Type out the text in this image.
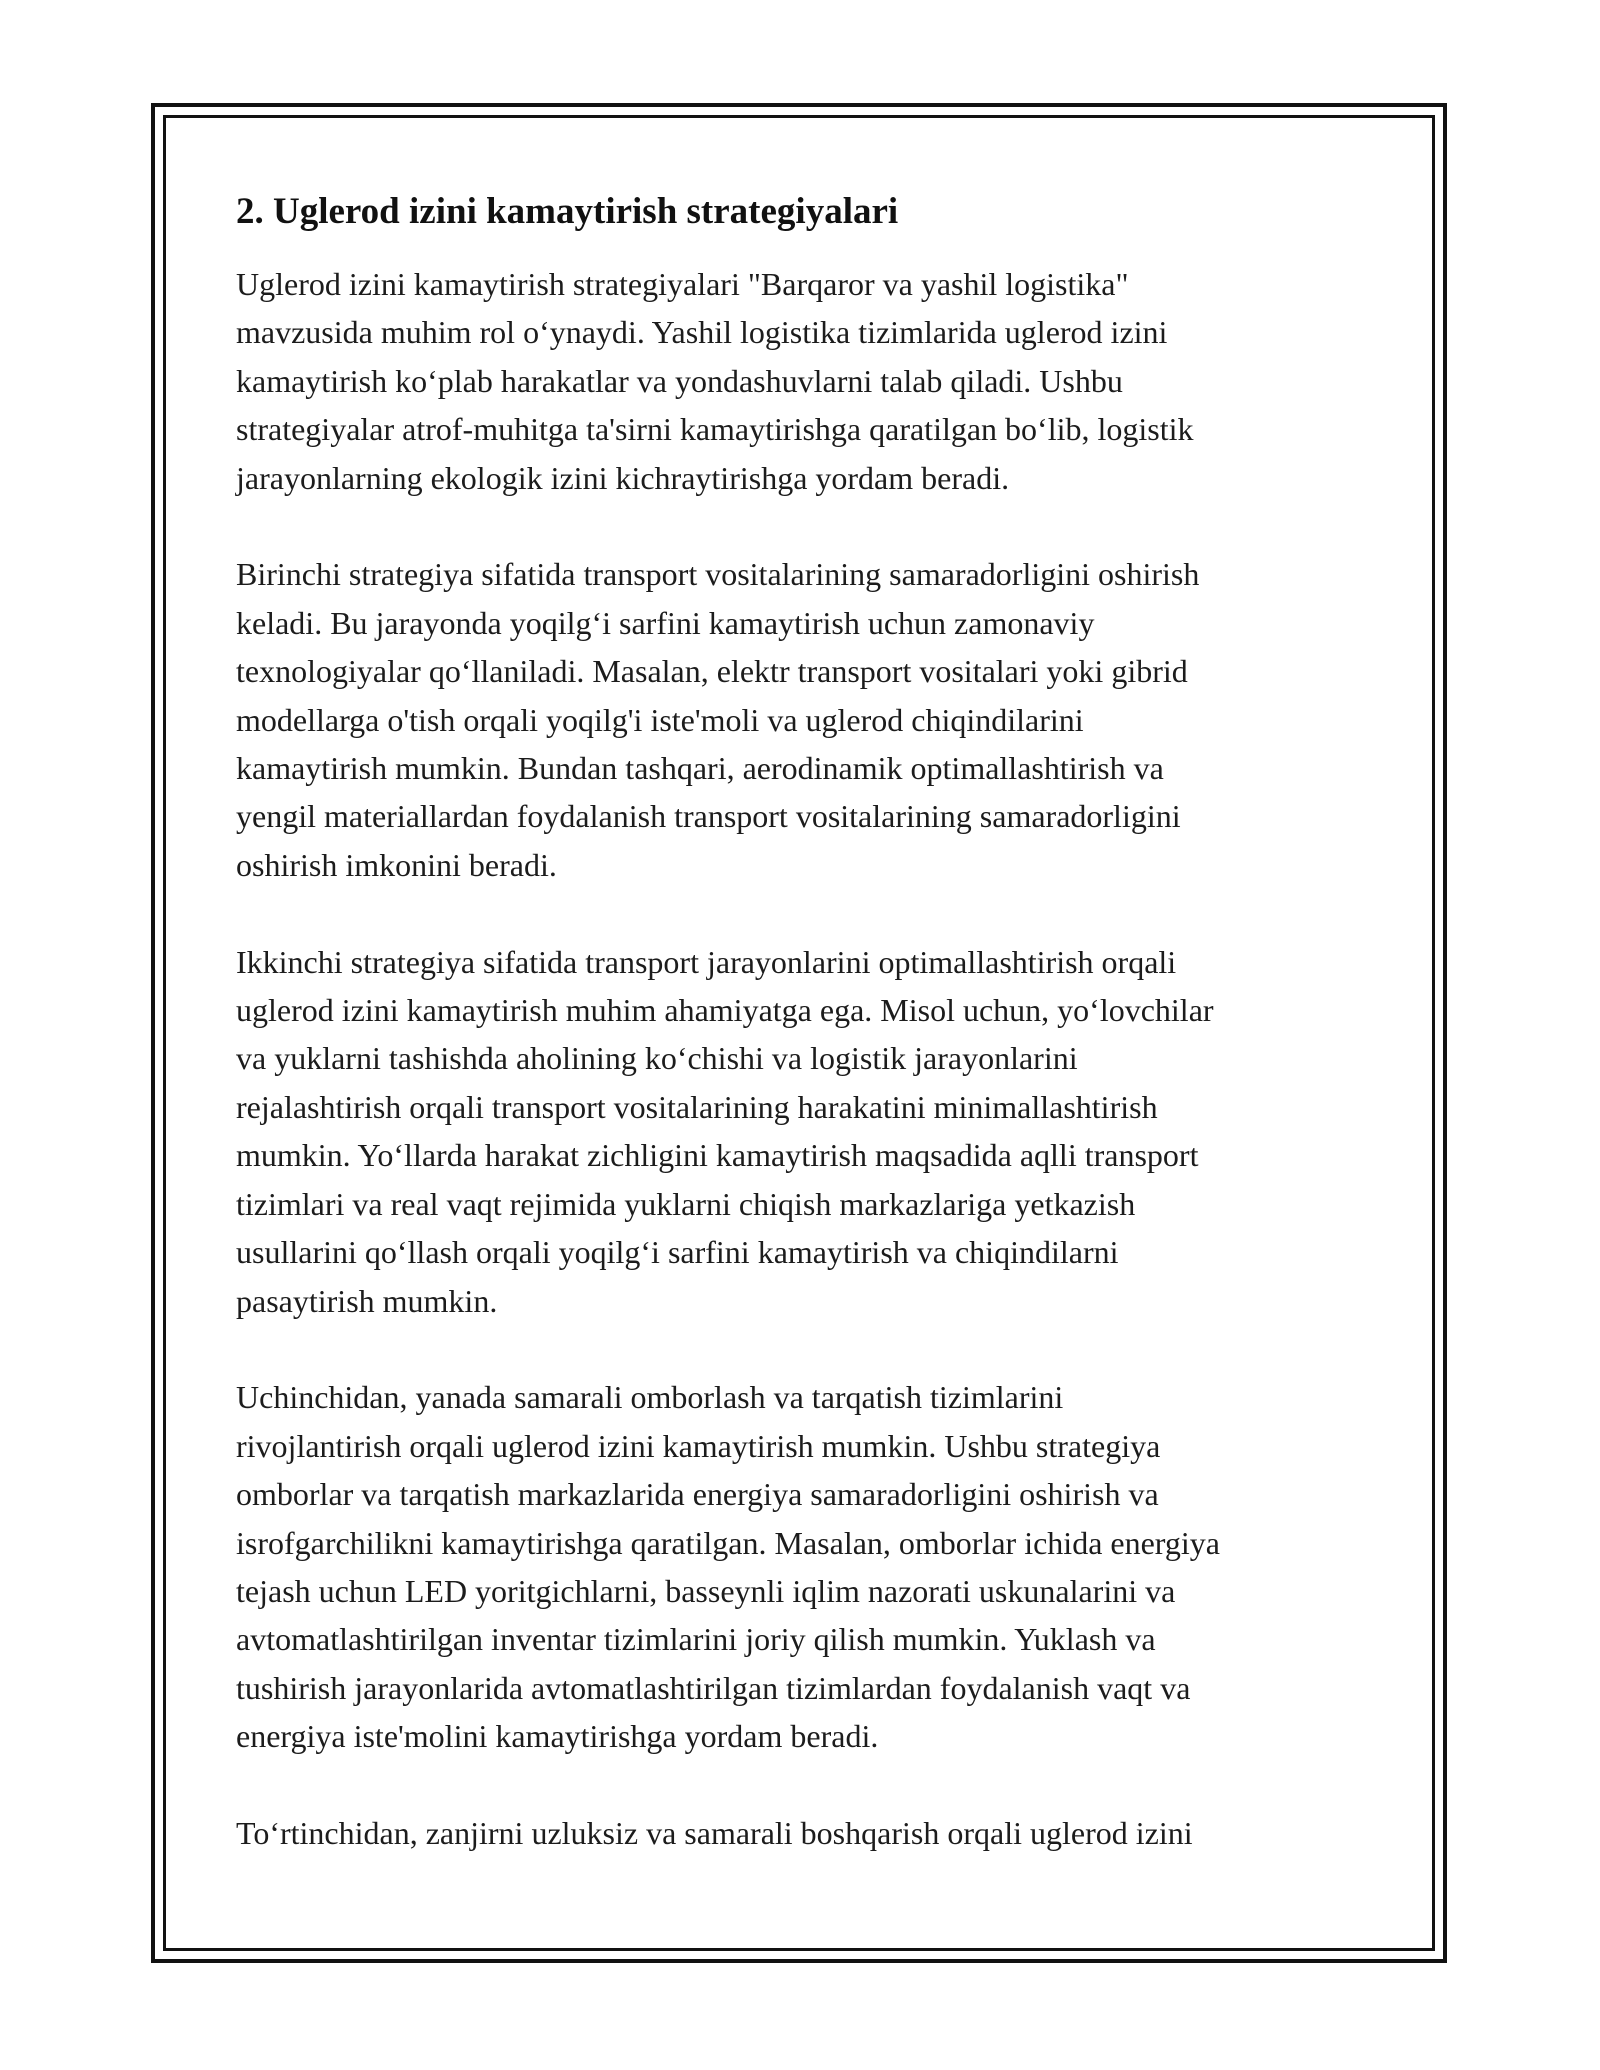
2. Uglerod izini kamaytirish strategiyalari

Uglerod izini kamaytirish strategiyalari "Barqaror va yashil logistika"
mavzusida muhim rol o‘ynaydi. Yashil logistika tizimlarida uglerod izini
kamaytirish ko‘plab harakatlar va yondashuvlarni talab qiladi. Ushbu
strategiyalar atrof-muhitga ta'sirni kamaytirishga qaratilgan bo‘lib, logistik
jarayonlarning ekologik izini kichraytirishga yordam beradi.

Birinchi strategiya sifatida transport vositalarining samaradorligini oshirish
keladi. Bu jarayonda yoqilg‘i sarfini kamaytirish uchun zamonaviy
texnologiyalar qo‘llaniladi. Masalan, elektr transport vositalari yoki gibrid
modellarga o'tish orqali yoqilg'i iste'moli va uglerod chiqindilarini
kamaytirish mumkin. Bundan tashqari, aerodinamik optimallashtirish va
yengil materiallardan foydalanish transport vositalarining samaradorligini
oshirish imkonini beradi.

Ikkinchi strategiya sifatida transport jarayonlarini optimallashtirish orqali
uglerod izini kamaytirish muhim ahamiyatga ega. Misol uchun, yo‘lovchilar
va yuklarni tashishda aholining ko‘chishi va logistik jarayonlarini
rejalashtirish orqali transport vositalarining harakatini minimallashtirish
mumkin. Yo‘llarda harakat zichligini kamaytirish maqsadida aqlli transport
tizimlari va real vaqt rejimida yuklarni chiqish markazlariga yetkazish
usullarini qo‘llash orqali yoqilg‘i sarfini kamaytirish va chiqindilarni
pasaytirish mumkin.

Uchinchidan, yanada samarali omborlash va tarqatish tizimlarini
rivojlantirish orqali uglerod izini kamaytirish mumkin. Ushbu strategiya
omborlar va tarqatish markazlarida energiya samaradorligini oshirish va
isrofgarchilikni kamaytirishga qaratilgan. Masalan, omborlar ichida energiya
tejash uchun LED yoritgichlarni, basseynli iqlim nazorati uskunalarini va
avtomatlashtirilgan inventar tizimlarini joriy qilish mumkin. Yuklash va
tushirish jarayonlarida avtomatlashtirilgan tizimlardan foydalanish vaqt va
energiya iste'molini kamaytirishga yordam beradi.

To‘rtinchidan, zanjirni uzluksiz va samarali boshqarish orqali uglerod izini
